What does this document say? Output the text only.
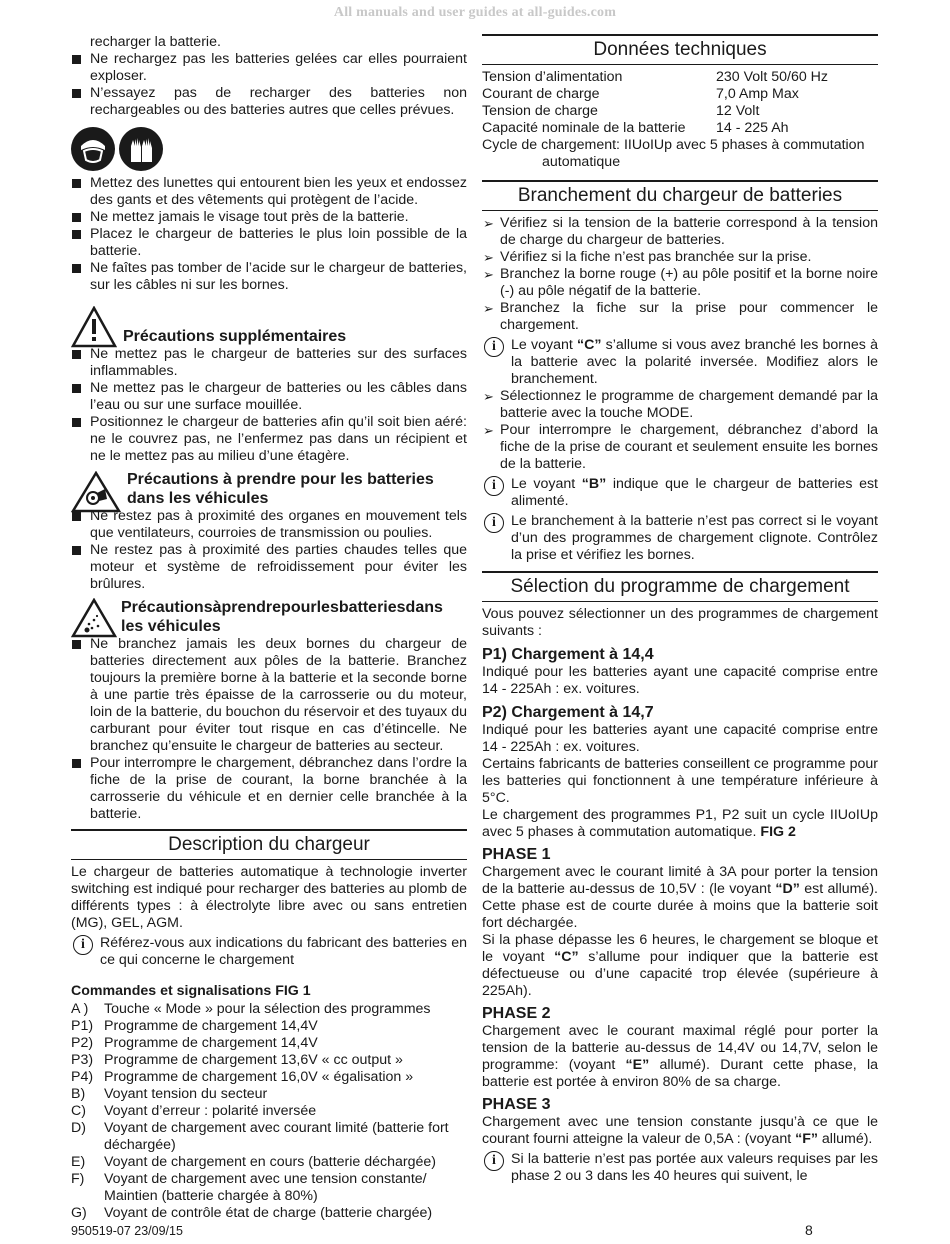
All manuals and user guides at all-guides.com

recharger la batterie.

Ne rechargez pas les batteries gelées car elles pourraient exploser.
N’essayez pas de recharger des batteries non rechargeables ou des batteries autres que celles prévues.
Mettez des lunettes qui entourent bien les yeux et endossez des gants et des vêtements qui protègent de l’acide.
Ne mettez jamais le visage tout près de la batterie.
Placez le chargeur de batteries le plus loin possible de la batterie.
Ne faîtes pas tomber de l’acide sur le chargeur de batteries, sur les câbles ni sur les bornes.
Précautions supplémentaires
Ne mettez pas le chargeur de batteries sur des surfaces inflammables.
Ne mettez pas le chargeur de batteries ou les câbles dans l’eau ou sur une surface mouillée.
Positionnez le chargeur de batteries afin qu’il soit bien aéré: ne le couvrez pas, ne l’enfermez pas dans un récipient et ne le mettez pas au milieu d’une étagère.
Précautions à prendre pour les batteries dans les véhicules
Ne restez pas à proximité des organes en mouvement tels que ventilateurs, courroies de transmission ou poulies.
Ne restez pas à proximité des parties chaudes telles que moteur et système de refroidissement pour éviter les brûlures.
Précautionsàprendrepourlesbatteriesdans les véhicules
Ne branchez jamais les deux bornes du chargeur de batteries directement aux pôles de la batterie. Branchez toujours la première borne à la batterie et la seconde borne à une partie très épaisse de la carrosserie ou du moteur, loin de la batterie, du bouchon du réservoir et des tuyaux du carburant pour éviter tout risque en cas d’étincelle. Ne branchez qu’ensuite le chargeur de batteries au secteur.
Pour interrompre le chargement, débranchez dans l’ordre la fiche de la prise de courant, la borne branchée à la carrosserie du véhicule et en dernier celle branchée à la batterie.
Description du chargeur

Le chargeur de batteries automatique à technologie inverter switching est indiqué pour recharger des batteries au plomb de différents types : à électrolyte libre avec ou sans entretien (MG), GEL, AGM.

i	Référez-vous aux indications du fabricant des batteries en ce qui concerne le chargement

Commandes et signalisations FIG 1

A )	Touche « Mode » pour la sélection des programmes
P1) Programme de chargement 14,4V
P2) Programme de chargement 14,4V
P3) Programme de chargement 13,6V « cc output »
P4) Programme de chargement 16,0V « égalisation »
B)	Voyant tension du secteur
C)	Voyant d’erreur : polarité inversée
D)	Voyant de chargement avec courant limité (batterie fort déchargée)
E)	Voyant de chargement en cours (batterie déchargée)
F)	Voyant de chargement avec une tension constante/ Maintien (batterie chargée à 80%)
G)	Voyant de contrôle état de charge (batterie chargée)
Données techniques
Tension d’alimentation	230 Volt 50/60 Hz
Courant de charge	7,0 Amp Max
Tension de charge	12 Volt
Capacité nominale de la batterie	14 - 225 Ah

Cycle de chargement: IIUoIUp avec 5 phases à commutation automatique

Branchement du chargeur de batteries
➢ Vérifiez si la tension de la batterie correspond à la tension de charge du chargeur de batteries.
➢ Vérifiez si la fiche n’est pas branchée sur la prise.
➢ Branchez la borne rouge (+) au pôle positif et la borne noire (-) au pôle négatif de la batterie.
➢ Branchez la fiche sur la prise pour commencer le chargement.
i	Le voyant “C” s’allume si vous avez branché les bornes à la batterie avec la polarité inversée. Modifiez alors le branchement.
➢ Sélectionnez le programme de chargement demandé par la batterie avec la touche MODE.
➢ Pour interrompre le chargement, débranchez d’abord la fiche de la prise de courant et seulement ensuite les bornes de la batterie.
i	Le voyant “B” indique que le chargeur de batteries est alimenté.
i	Le branchement à la batterie n’est pas correct si le voyant d’un des programmes de chargement clignote. Contrôlez la prise et vérifiez les bornes.
Sélection du programme de chargement

Vous pouvez sélectionner un des programmes de chargement suivants :

P1) Chargement à 14,4

Indiqué pour les batteries ayant une capacité comprise entre 14 - 225Ah : ex. voitures.

P2) Chargement à 14,7

Indiqué pour les batteries ayant une capacité comprise entre 14 - 225Ah : ex. voitures.

Certains fabricants de batteries conseillent ce programme pour les batteries qui fonctionnent à une température inférieure à 5°C.

Le chargement des programmes P1, P2 suit un cycle IIUoIUp avec 5 phases à commutation automatique. FIG 2

PHASE 1

Chargement avec le courant limité à 3A pour porter la tension de la batterie au-dessus de 10,5V : (le voyant “D” est allumé). Cette phase est de courte durée à moins que la batterie soit fort déchargée.

Si la phase dépasse les 6 heures, le chargement se bloque et le voyant “C” s’allume pour indiquer que la batterie est défectueuse ou d’une capacité trop élevée (supérieure à 225Ah).

PHASE 2

Chargement avec le courant maximal réglé pour porter la tension de la batterie au-dessus de 14,4V ou 14,7V, selon le programme: (voyant “E” allumé). Durant cette phase, la batterie est portée à environ 80% de sa charge.

PHASE 3

Chargement avec une tension constante jusqu’à ce que le courant fourni atteigne la valeur de 0,5A : (voyant “F” allumé).

i	Si la batterie n’est pas portée aux valeurs requises par les phase 2 ou 3 dans les 40 heures qui suivent, le
950519-07 23/09/15	8
